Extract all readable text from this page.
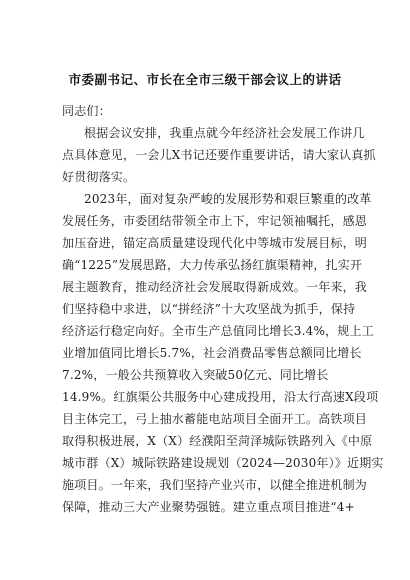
市委副书记、市长在全市三级干部会议上的讲话
同志们：
根据会议安排，我重点就今年经济社会发展工作讲几
点具体意见，一会儿X书记还要作重要讲话，请大家认真抓
好贯彻落实。
2023年，面对复杂严峻的发展形势和艰巨繁重的改革
发展任务，市委团结带领全市上下，牢记领袖嘱托，感恩
加压奋进，锚定高质量建设现代化中等城市发展目标，明
确“1225”发展思路，大力传承弘扬红旗渠精神，扎实开
展主题教育，推动经济社会发展取得新成效。一年来，我
们坚持稳中求进，以“拼经济”十大攻坚战为抓手，保持
经济运行稳定向好。全市生产总值同比增长3.4%，规上工
业增加值同比增长5.7%，社会消费品零售总额同比增长
7.2%，一般公共预算收入突破50亿元、同比增长
14.9%。红旗渠公共服务中心建成投用，沿太行高速X段项
目主体完工，弓上抽水蓄能电站项目全面开工。高铁项目
取得积极进展，X（X）经濮阳至菏泽城际铁路列入《中原
城市群（X）城际铁路建设规划（2024—2030年）》近期实
施项目。一年来，我们坚持产业兴市，以健全推进机制为
保障，推动三大产业聚势强链。建立重点项目推进“4+
